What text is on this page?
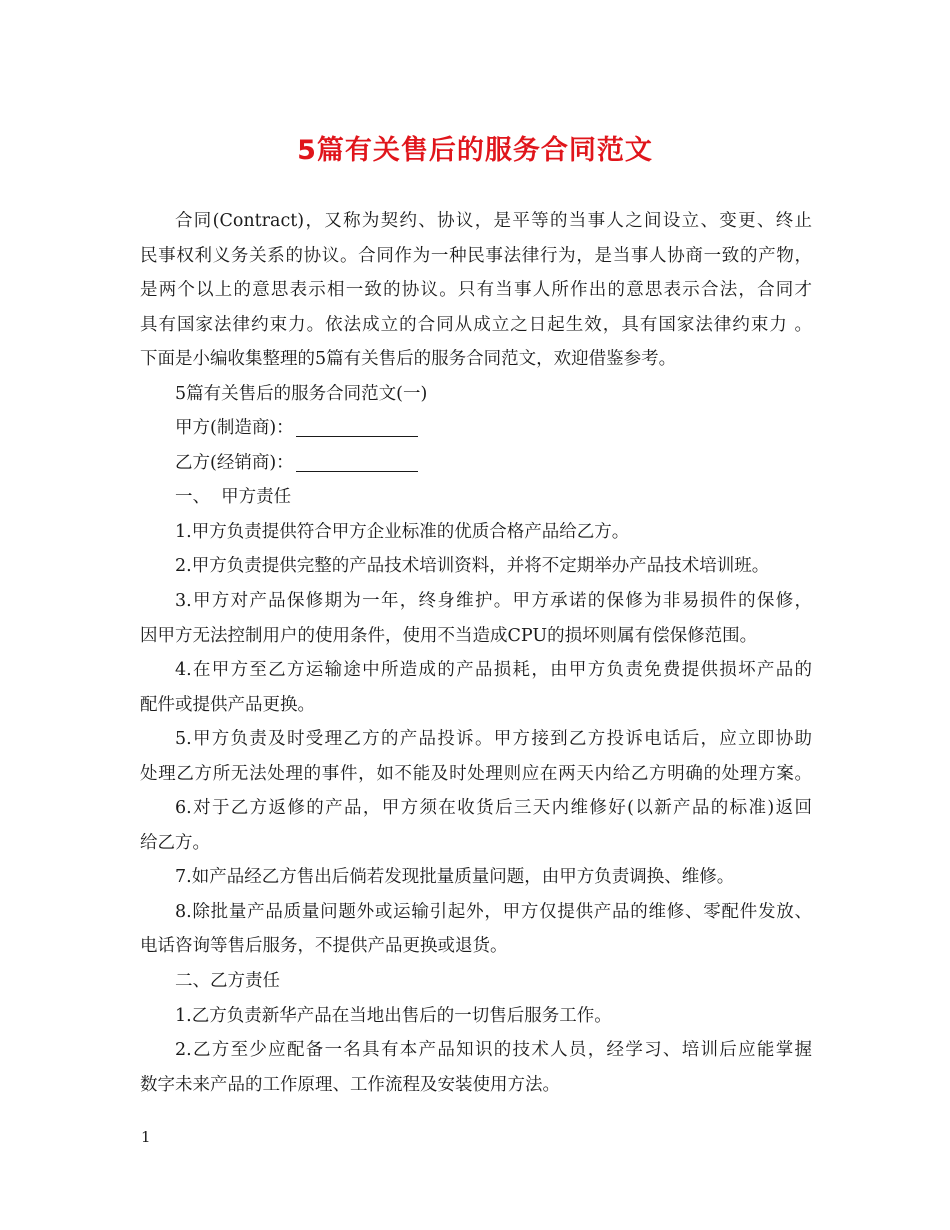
5篇有关售后的服务合同范文
合同(Contract)，又称为契约、协议，是平等的当事人之间设立、变更、终止
民事权利义务关系的协议。合同作为一种民事法律行为，是当事人协商一致的产物，
是两个以上的意思表示相一致的协议。只有当事人所作出的意思表示合法，合同才
具有国家法律约束力。依法成立的合同从成立之日起生效，具有国家法律约束力 。
下面是小编收集整理的5篇有关售后的服务合同范文，欢迎借鉴参考。
5篇有关售后的服务合同范文(一)
甲方(制造商)：
乙方(经销商)：
一、  甲方责任
1.甲方负责提供符合甲方企业标准的优质合格产品给乙方。
2.甲方负责提供完整的产品技术培训资料，并将不定期举办产品技术培训班。
3.甲方对产品保修期为一年，终身维护。甲方承诺的保修为非易损件的保修，
因甲方无法控制用户的使用条件，使用不当造成CPU的损坏则属有偿保修范围。
4.在甲方至乙方运输途中所造成的产品损耗，由甲方负责免费提供损坏产品的
配件或提供产品更换。
5.甲方负责及时受理乙方的产品投诉。甲方接到乙方投诉电话后，应立即协助
处理乙方所无法处理的事件，如不能及时处理则应在两天内给乙方明确的处理方案。
6.对于乙方返修的产品，甲方须在收货后三天内维修好(以新产品的标准)返回
给乙方。
7.如产品经乙方售出后倘若发现批量质量问题，由甲方负责调换、维修。
8.除批量产品质量问题外或运输引起外，甲方仅提供产品的维修、零配件发放、
电话咨询等售后服务，不提供产品更换或退货。
二、乙方责任
1.乙方负责新华产品在当地出售后的一切售后服务工作。
2.乙方至少应配备一名具有本产品知识的技术人员，经学习、培训后应能掌握
数字未来产品的工作原理、工作流程及安装使用方法。
1
